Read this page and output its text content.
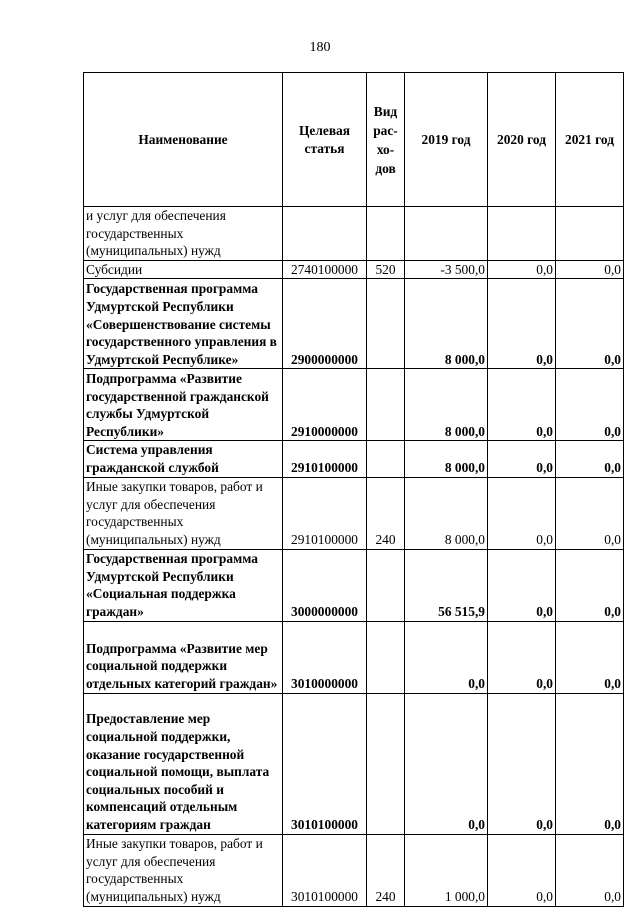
180
Наименование	Целевая статья	Вид рас-хо-дов	2019 год	2020 год	2021 год
и услуг для обеспечения государственных (муниципальных) нужд					
Субсидии	2740100000	520	-3 500,0	0,0	0,0
Государственная программа Удмуртской Республики «Совершенствование системы государственного управления в Удмуртской Республике»	2900000000		8 000,0	0,0	0,0
Подпрограмма «Развитие государственной гражданской службы Удмуртской Республики»	2910000000		8 000,0	0,0	0,0
Система управления гражданской службой	2910100000		8 000,0	0,0	0,0
Иные закупки товаров, работ и услуг для обеспечения государственных (муниципальных) нужд	2910100000	240	8 000,0	0,0	0,0
Государственная программа Удмуртской Республики «Социальная поддержка граждан»	3000000000		56 515,9	0,0	0,0
Подпрограмма «Развитие мер социальной поддержки отдельных категорий граждан»	3010000000		0,0	0,0	0,0
Предоставление мер социальной поддержки, оказание государственной социальной помощи, выплата социальных пособий и компенсаций отдельным категориям граждан	3010100000		0,0	0,0	0,0
Иные закупки товаров, работ и услуг для обеспечения государственных (муниципальных) нужд	3010100000	240	1 000,0	0,0	0,0
